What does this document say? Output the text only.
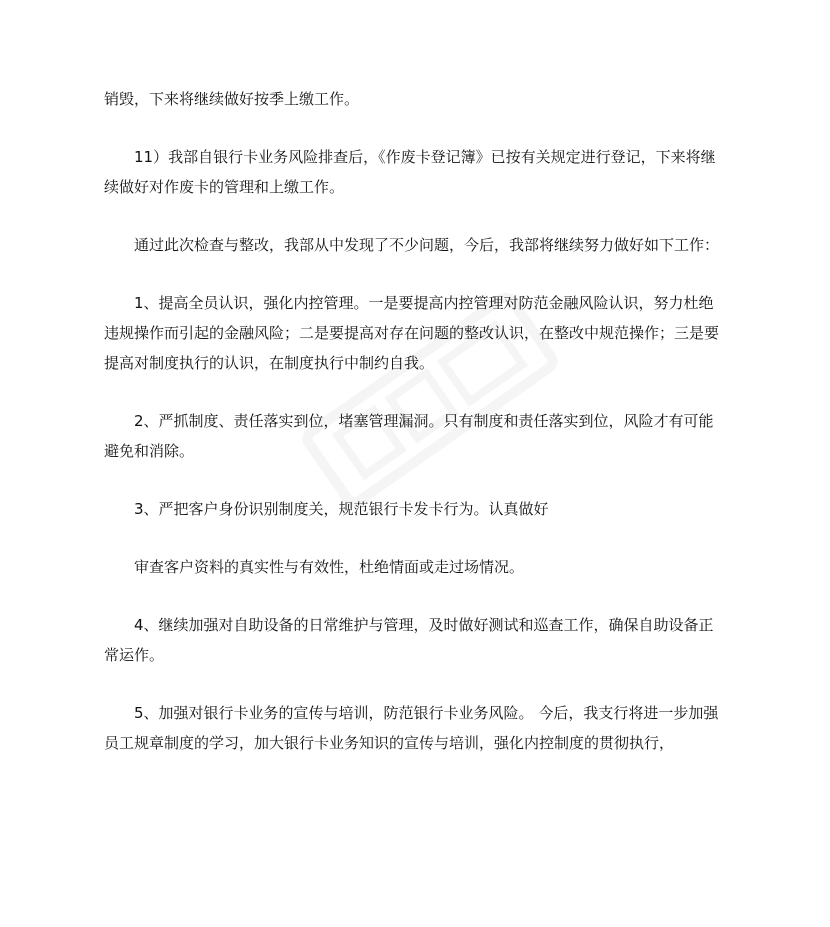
销毁，下来将继续做好按季上缴工作。

11）我部自银行卡业务风险排查后，《作废卡登记簿》已按有关规定进行登记，下来将继续做好对作废卡的管理和上缴工作。

通过此次检查与整改，我部从中发现了不少问题，今后，我部将继续努力做好如下工作：

1、提高全员认识，强化内控管理。一是要提高内控管理对防范金融风险认识，努力杜绝违规操作而引起的金融风险；二是要提高对存在问题的整改认识，在整改中规范操作；三是要提高对制度执行的认识，在制度执行中制约自我。

2、严抓制度、责任落实到位，堵塞管理漏洞。只有制度和责任落实到位，风险才有可能避免和消除。

3、严把客户身份识别制度关，规范银行卡发卡行为。认真做好

审查客户资料的真实性与有效性，杜绝情面或走过场情况。

4、继续加强对自助设备的日常维护与管理，及时做好测试和巡查工作，确保自助设备正常运作。

5、加强对银行卡业务的宣传与培训，防范银行卡业务风险。 今后，我支行将进一步加强员工规章制度的学习，加大银行卡业务知识的宣传与培训，强化内控制度的贯彻执行，
